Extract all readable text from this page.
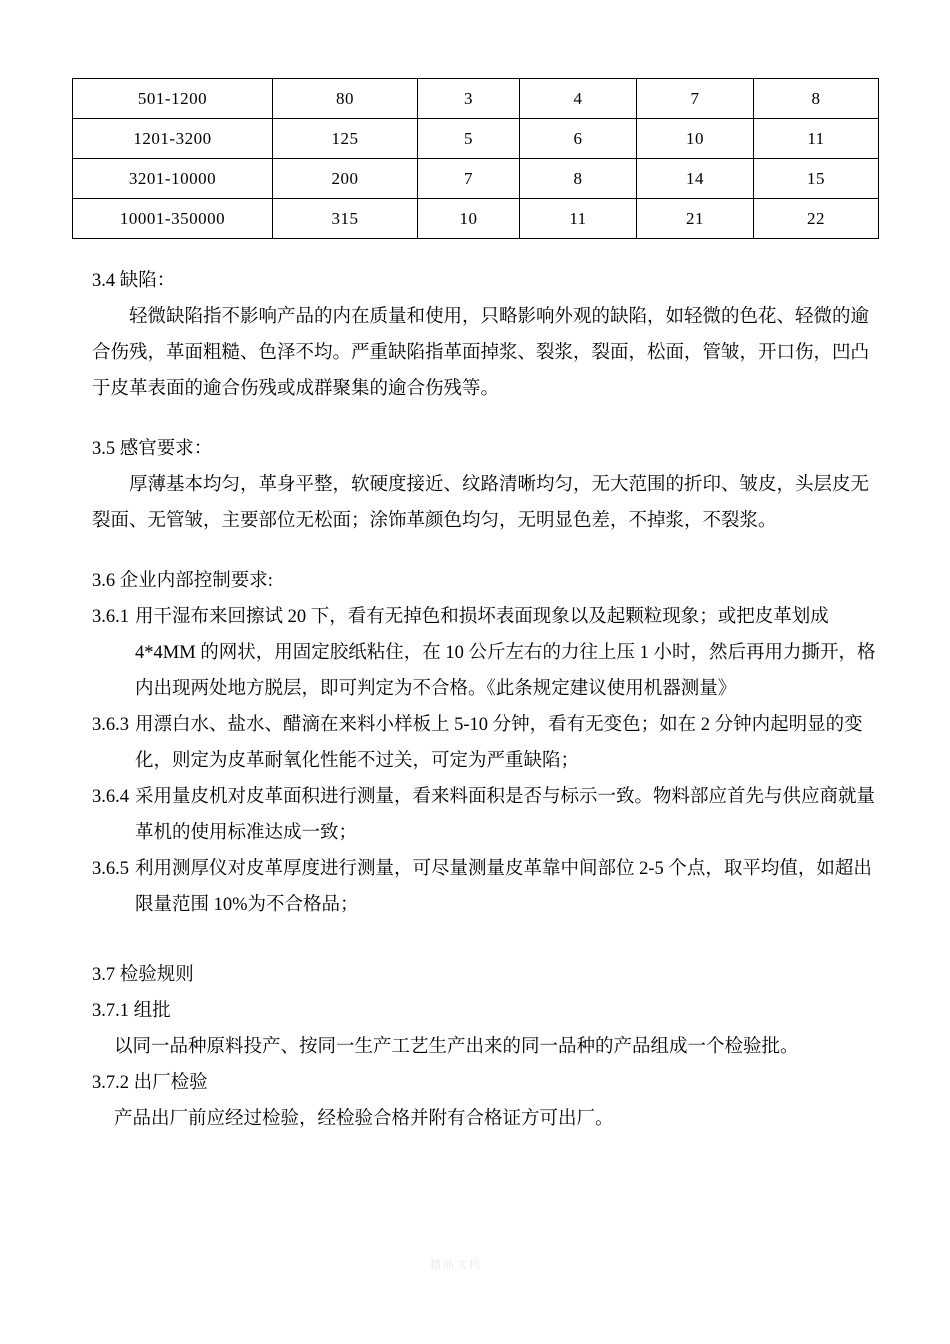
501-1200	80	3	4	7	8
1201-3200	125	5	6	10	11
3201-10000	200	7	8	14	15
10001-350000	315	10	11	21	22
3.4 缺陷：
轻微缺陷指不影响产品的内在质量和使用，只略影响外观的缺陷，如轻微的色花、轻微的逾合伤残，革面粗糙、色泽不均。严重缺陷指革面掉浆、裂浆，裂面，松面，管皱，开口伤，凹凸于皮革表面的逾合伤残或成群聚集的逾合伤残等。
3.5 感官要求：
厚薄基本均匀，革身平整，软硬度接近、纹路清晰均匀，无大范围的折印、皱皮，头层皮无裂面、无管皱，主要部位无松面；涂饰革颜色均匀，无明显色差，不掉浆，不裂浆。
3.6 企业内部控制要求:
3.6.1 用干湿布来回擦试 20 下，看有无掉色和损坏表面现象以及起颗粒现象；或把皮革划成 4*4MM 的网状，用固定胶纸粘住，在 10 公斤左右的力往上压 1 小时，然后再用力撕开，格内出现两处地方脱层，即可判定为不合格。《此条规定建议使用机器测量》
3.6.3 用漂白水、盐水、醋滴在来料小样板上 5-10 分钟，看有无变色；如在 2 分钟内起明显的变化，则定为皮革耐氧化性能不过关，可定为严重缺陷；
3.6.4 采用量皮机对皮革面积进行测量，看来料面积是否与标示一致。物料部应首先与供应商就量革机的使用标准达成一致；
3.6.5 利用测厚仪对皮革厚度进行测量，可尽量测量皮革靠中间部位 2-5 个点，取平均值，如超出限量范围 10%为不合格品；
3.7 检验规则
3.7.1 组批
以同一品种原料投产、按同一生产工艺生产出来的同一品种的产品组成一个检验批。
3.7.2 出厂检验
产品出厂前应经过检验，经检验合格并附有合格证方可出厂。
精品文档
